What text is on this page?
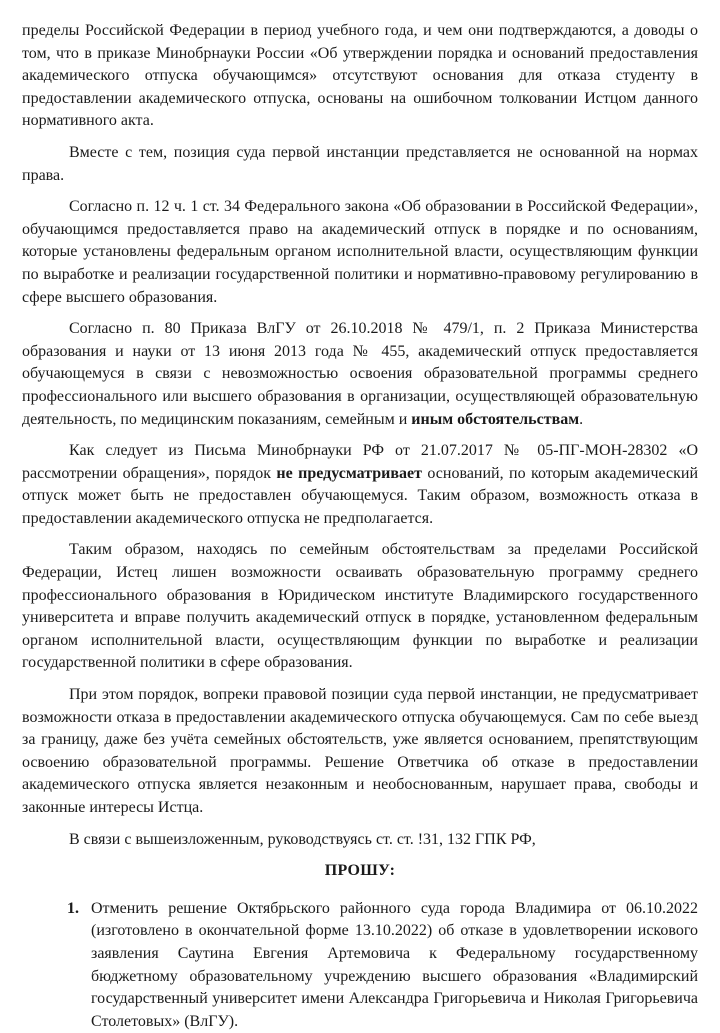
пределы Российской Федерации в период учебного года, и чем они подтверждаются, а доводы о том, что в приказе Минобрнауки России «Об утверждении порядка и оснований предоставления академического отпуска обучающимся» отсутствуют основания для отказа студенту в предоставлении академического отпуска, основаны на ошибочном толковании Истцом данного нормативного акта.

Вместе с тем, позиция суда первой инстанции представляется не основанной на нормах права.

Согласно п. 12 ч. 1 ст. 34 Федерального закона «Об образовании в Российской Федерации», обучающимся предоставляется право на академический отпуск в порядке и по основаниям, которые установлены федеральным органом исполнительной власти, осуществляющим функции по выработке и реализации государственной политики и нормативно-правовому регулированию в сфере высшего образования.

Согласно п. 80 Приказа ВлГУ от 26.10.2018 № 479/1, п. 2 Приказа Министерства образования и науки от 13 июня 2013 года № 455, академический отпуск предоставляется обучающемуся в связи с невозможностью освоения образовательной программы среднего профессионального или высшего образования в организации, осуществляющей образовательную деятельность, по медицинским показаниям, семейным и иным обстоятельствам.

Как следует из Письма Минобрнауки РФ от 21.07.2017 № 05-ПГ-МОН-28302 «О рассмотрении обращения», порядок не предусматривает оснований, по которым академический отпуск может быть не предоставлен обучающемуся. Таким образом, возможность отказа в предоставлении академического отпуска не предполагается.

Таким образом, находясь по семейным обстоятельствам за пределами Российской Федерации, Истец лишен возможности осваивать образовательную программу среднего профессионального образования в Юридическом институте Владимирского государственного университета и вправе получить академический отпуск в порядке, установленном федеральным органом исполнительной власти, осуществляющим функции по выработке и реализации государственной политики в сфере образования.

При этом порядок, вопреки правовой позиции суда первой инстанции, не предусматривает возможности отказа в предоставлении академического отпуска обучающемуся. Сам по себе выезд за границу, даже без учёта семейных обстоятельств, уже является основанием, препятствующим освоению образовательной программы. Решение Ответчика об отказе в предоставлении академического отпуска является незаконным и необоснованным, нарушает права, свободы и законные интересы Истца.

В связи с вышеизложенным, руководствуясь ст. ст. !31, 132 ГПК РФ,

ПРОШУ:
1. Отменить решение Октябрьского районного суда города Владимира от 06.10.2022 (изготовлено в окончательной форме 13.10.2022) об отказе в удовлетворении искового заявления Саутина Евгения Артемовича к Федеральному государственному бюджетному образовательному учреждению высшего образования «Владимирский государственный университет имени Александра Григорьевича и Николая Григорьевича Столетовых» (ВлГУ).
